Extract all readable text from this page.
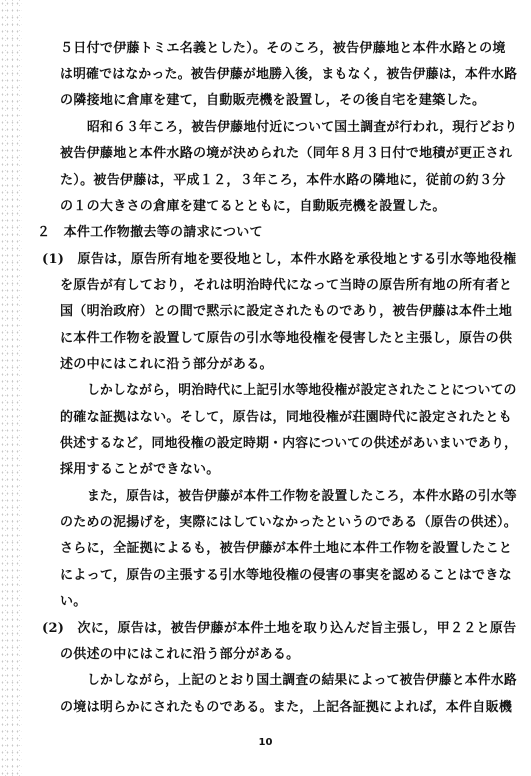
５日付で伊藤トミエ名義とした）。そのころ，被告伊藤地と本件水路との境

は明確ではなかった。被告伊藤が地勝入後，まもなく，被告伊藤は，本件水路

の隣接地に倉庫を建て，自動販売機を設置し，その後自宅を建築した。

昭和６３年ころ，被告伊藤地付近について国土調査が行われ，現行どおり

被告伊藤地と本件水路の境が決められた（同年８月３日付で地積が更正され

た）。被告伊藤は，平成１２，３年ころ，本件水路の隣地に，従前の約３分

の１の大きさの倉庫を建てるとともに，自動販売機を設置した。

２　本件工作物撤去等の請求について

(1)　原告は，原告所有地を要役地とし，本件水路を承役地とする引水等地役権

を原告が有しており，それは明治時代になって当時の原告所有地の所有者と

国（明治政府）との間で黙示に設定されたものであり，被告伊藤は本件土地

に本件工作物を設置して原告の引水等地役権を侵害したと主張し，原告の供

述の中にはこれに沿う部分がある。

しかしながら，明治時代に上記引水等地役権が設定されたことについての

的確な証拠はない。そして，原告は，同地役権が荘園時代に設定されたとも

供述するなど，同地役権の設定時期・内容についての供述があいまいであり，

採用することができない。

また，原告は，被告伊藤が本件工作物を設置したころ，本件水路の引水等

のための泥揚げを，実際にはしていなかったというのである（原告の供述）。

さらに，全証拠によるも，被告伊藤が本件土地に本件工作物を設置したこと

によって，原告の主張する引水等地役権の侵害の事実を認めることはできな

い。

(2)　次に，原告は，被告伊藤が本件土地を取り込んだ旨主張し，甲２２と原告

の供述の中にはこれに沿う部分がある。

しかしながら，上記のとおり国土調査の結果によって被告伊藤と本件水路

の境は明らかにされたものである。また，上記各証拠によれば，本件自販機

10
